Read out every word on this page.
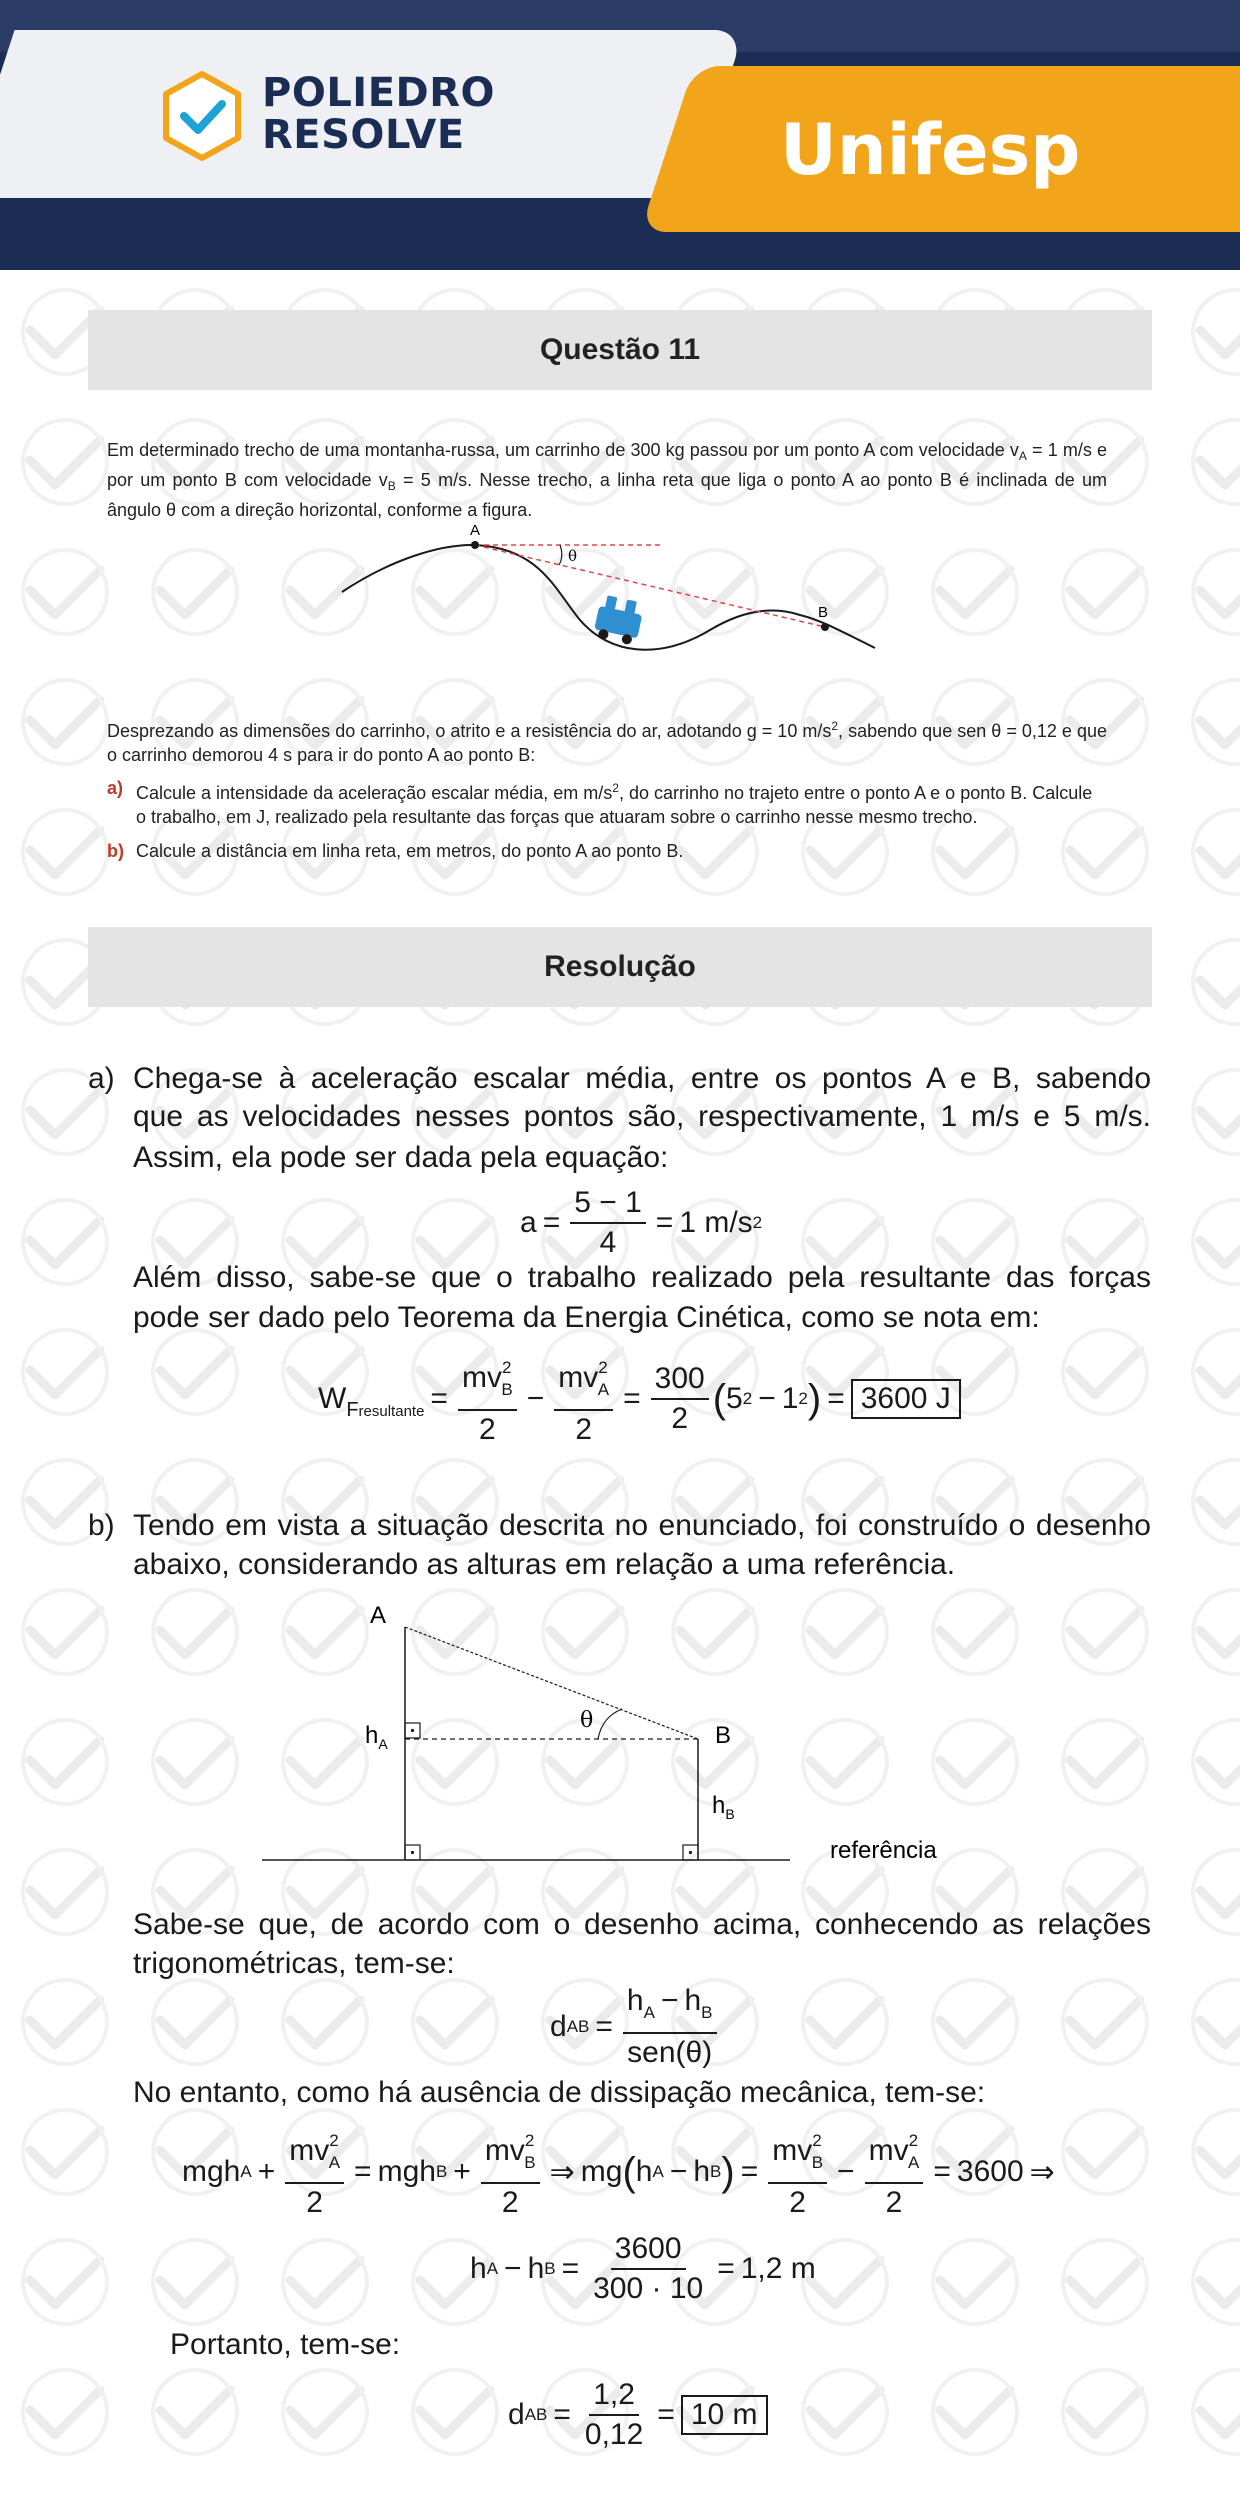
POLIEDRO
RESOLVE	Unifesp
Questão 11
Em determinado trecho de uma montanha-russa, um carrinho de 300 kg passou por um ponto A com velocidade $v_A = 1$ m/s e por um ponto B com velocidade $v_B = 5$ m/s. Nesse trecho, a linha reta que liga o ponto A ao ponto B é inclinada de um ângulo θ com a direção horizontal, conforme a figura.
A
B
θ
Desprezando as dimensões do carrinho, o atrito e a resistência do ar, adotando g = 10 $m/s^2$, sabendo que sen θ = 0,12 e que o carrinho demorou 4 s para ir do ponto A ao ponto B:
a) Calcule a intensidade da aceleração escalar média, em $m/s^2$, do carrinho no trajeto entre o ponto A e o ponto B. Calcule o trabalho, em J, realizado pela resultante das forças que atuaram sobre o carrinho nesse mesmo trecho.
b) Calcule a distância em linha reta, em metros, do ponto A ao ponto B.
Resolução
a) Chega-se à aceleração escalar média, entre os pontos A e B, sabendo
que as velocidades nesses pontos são, respectivamente, 1 m/s e 5 m/s.
Assim, ela pode ser dada pela equação:
$a = \frac{5 - 1}{4} = 1$ m/s 2
Além disso, sabe-se que o trabalho realizado pela resultante das forças
pode ser dado pelo Teorema da Energia Cinética, como se nota em:
W Fresultante = $\frac{mv^2_B}{2} - \frac{mv^2_A}{2} = \frac{300}{2}$ ( 5 2 − 1 2 ) = 3600 J
b) Tendo em vista a situação descrita no enunciado, foi construído o desenho
abaixo, considerando as alturas em relação a uma referência.
A
B
θ
$h_A$
$h_B$
referência
Sabe-se que, de acordo com o desenho acima, conhecendo as relações
trigonométricas, tem-se:
d AB = $\frac{h_A - h_B}{\text{sen(θ)}}$
No entanto, como há ausência de dissipação mecânica, tem-se:
mgh $A + \frac{mv^2_A}{2}$ = mgh $B + \frac{mv^2_B}{2}$ ⇒ mg ( h A − h B ) = $\frac{mv^2_B}{2} - \frac{mv^2_A}{2} = 3600$ ⇒
h A − h $B = \frac{3600}{300 \cdot 10} = 1,2$ m
Portanto, tem-se:
d AB = $\frac{1,2}{0,12} = 10$ m
